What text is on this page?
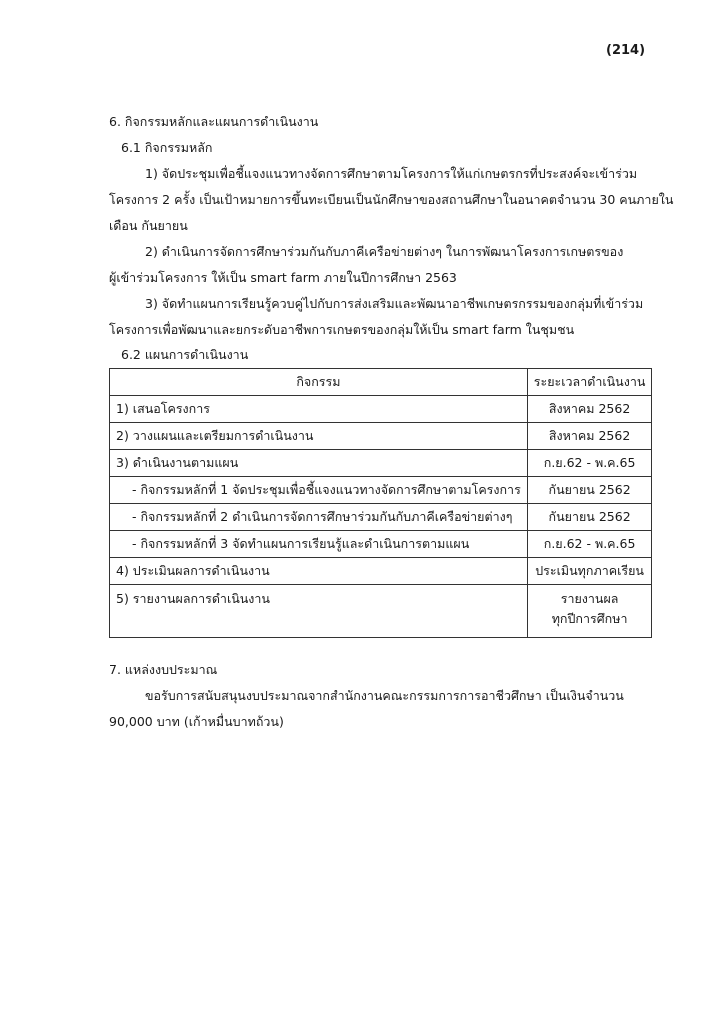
(214)
6. กิจกรรมหลักและแผนการดำเนินงาน
6.1 กิจกรรมหลัก
1) จัดประชุมเพื่อชี้แจงแนวทางจัดการศึกษาตามโครงการให้แก่เกษตรกรที่ประสงค์จะเข้าร่วม
โครงการ 2 ครั้ง เป็นเป้าหมายการขึ้นทะเบียนเป็นนักศึกษาของสถานศึกษาในอนาคตจำนวน 30 คนภายใน
เดือน กันยายน
2) ดำเนินการจัดการศึกษาร่วมกันกับภาคีเครือข่ายต่างๆ ในการพัฒนาโครงการเกษตรของ
ผู้เข้าร่วมโครงการ ให้เป็น smart farm ภายในปีการศึกษา 2563
3) จัดทำแผนการเรียนรู้ควบคู่ไปกับการส่งเสริมและพัฒนาอาชีพเกษตรกรรมของกลุ่มที่เข้าร่วม
โครงการเพื่อพัฒนาและยกระดับอาชีพการเกษตรของกลุ่มให้เป็น smart farm ในชุมชน
6.2 แผนการดำเนินงาน
กิจกรรม	ระยะเวลาดำเนินงาน
1) เสนอโครงการ	สิงหาคม 2562
2) วางแผนและเตรียมการดำเนินงาน	สิงหาคม 2562
3) ดำเนินงานตามแผน	ก.ย.62 - พ.ค.65
- กิจกรรมหลักที่ 1 จัดประชุมเพื่อชี้แจงแนวทางจัดการศึกษาตามโครงการ	กันยายน 2562
- กิจกรรมหลักที่ 2 ดำเนินการจัดการศึกษาร่วมกันกับภาคีเครือข่ายต่างๆ	กันยายน 2562
- กิจกรรมหลักที่ 3 จัดทำแผนการเรียนรู้และดำเนินการตามแผน	ก.ย.62 - พ.ค.65
4) ประเมินผลการดำเนินงาน	ประเมินทุกภาคเรียน
5) รายงานผลการดำเนินงาน	รายงานผล
ทุกปีการศึกษา
7. แหล่งงบประมาณ
ขอรับการสนับสนุนงบประมาณจากสำนักงานคณะกรรมการการอาชีวศึกษา เป็นเงินจำนวน
90,000 บาท (เก้าหมื่นบาทถ้วน)
